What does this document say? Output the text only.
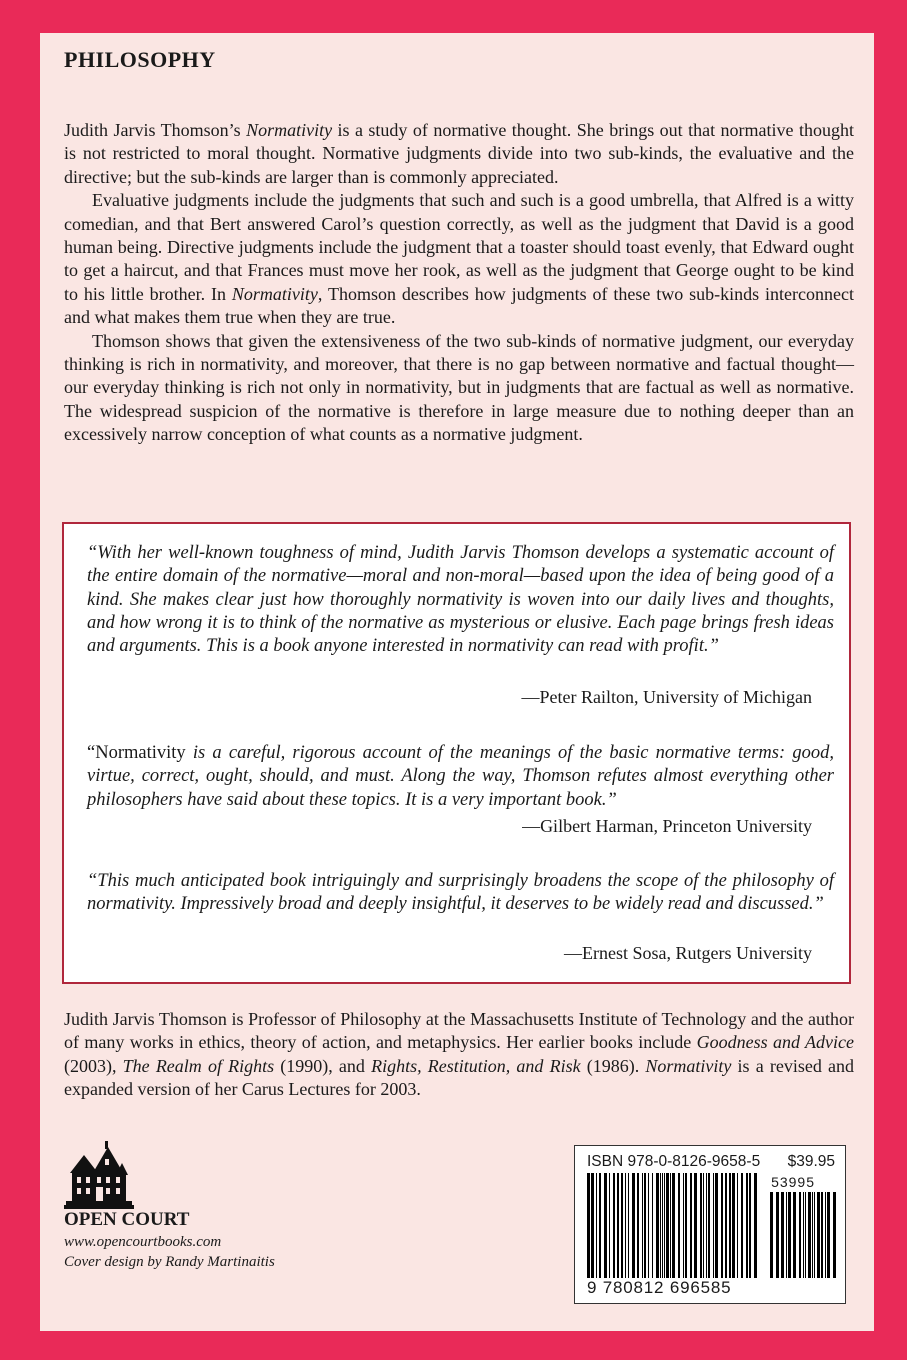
PHILOSOPHY

Judith Jarvis Thomson’s Normativity is a study of normative thought. She brings out that normative thought is not restricted to moral thought. Normative judgments divide into two sub-kinds, the evaluative and the directive; but the sub-kinds are larger than is commonly appreciated.

Evaluative judgments include the judgments that such and such is a good umbrella, that Alfred is a witty comedian, and that Bert answered Carol’s question correctly, as well as the judgment that David is a good human being. Directive judgments include the judgment that a toaster should toast evenly, that Edward ought to get a haircut, and that Frances must move her rook, as well as the judgment that George ought to be kind to his little brother. In Normativity, Thomson describes how judgments of these two sub-kinds interconnect and what makes them true when they are true.

Thomson shows that given the extensiveness of the two sub-kinds of normative judgment, our everyday thinking is rich in normativity, and moreover, that there is no gap between normative and factual thought—our everyday thinking is rich not only in normativity, but in judgments that are factual as well as normative. The widespread suspicion of the normative is therefore in large measure due to nothing deeper than an excessively narrow conception of what counts as a normative judgment.

“With her well-known toughness of mind, Judith Jarvis Thomson develops a systematic account of the entire domain of the normative—moral and non-moral—based upon the idea of being good of a kind. She makes clear just how thoroughly normativity is woven into our daily lives and thoughts, and how wrong it is to think of the normative as mysterious or elusive. Each page brings fresh ideas and arguments. This is a book anyone interested in normativity can read with profit.”
—Peter Railton, University of Michigan
“Normativity is a careful, rigorous account of the meanings of the basic normative terms: good, virtue, correct, ought, should, and must. Along the way, Thomson refutes almost everything other philosophers have said about these topics. It is a very important book.”
—Gilbert Harman, Princeton University
“This much anticipated book intriguingly and surprisingly broadens the scope of the philosophy of normativity. Impressively broad and deeply insightful, it deserves to be widely read and discussed.”
—Ernest Sosa, Rutgers University

Judith Jarvis Thomson is Professor of Philosophy at the Massachusetts Institute of Technology and the author of many works in ethics, theory of action, and metaphysics. Her earlier books include Goodness and Advice (2003), The Realm of Rights (1990), and Rights, Restitution, and Risk (1986). Normativity is a revised and expanded version of her Carus Lectures for 2003.

OPEN COURT
www.opencourtbooks.com
Cover design by Randy Martinaitis
ISBN 978-0-8126-9658-5 $39.95
53995
9 780812 696585
